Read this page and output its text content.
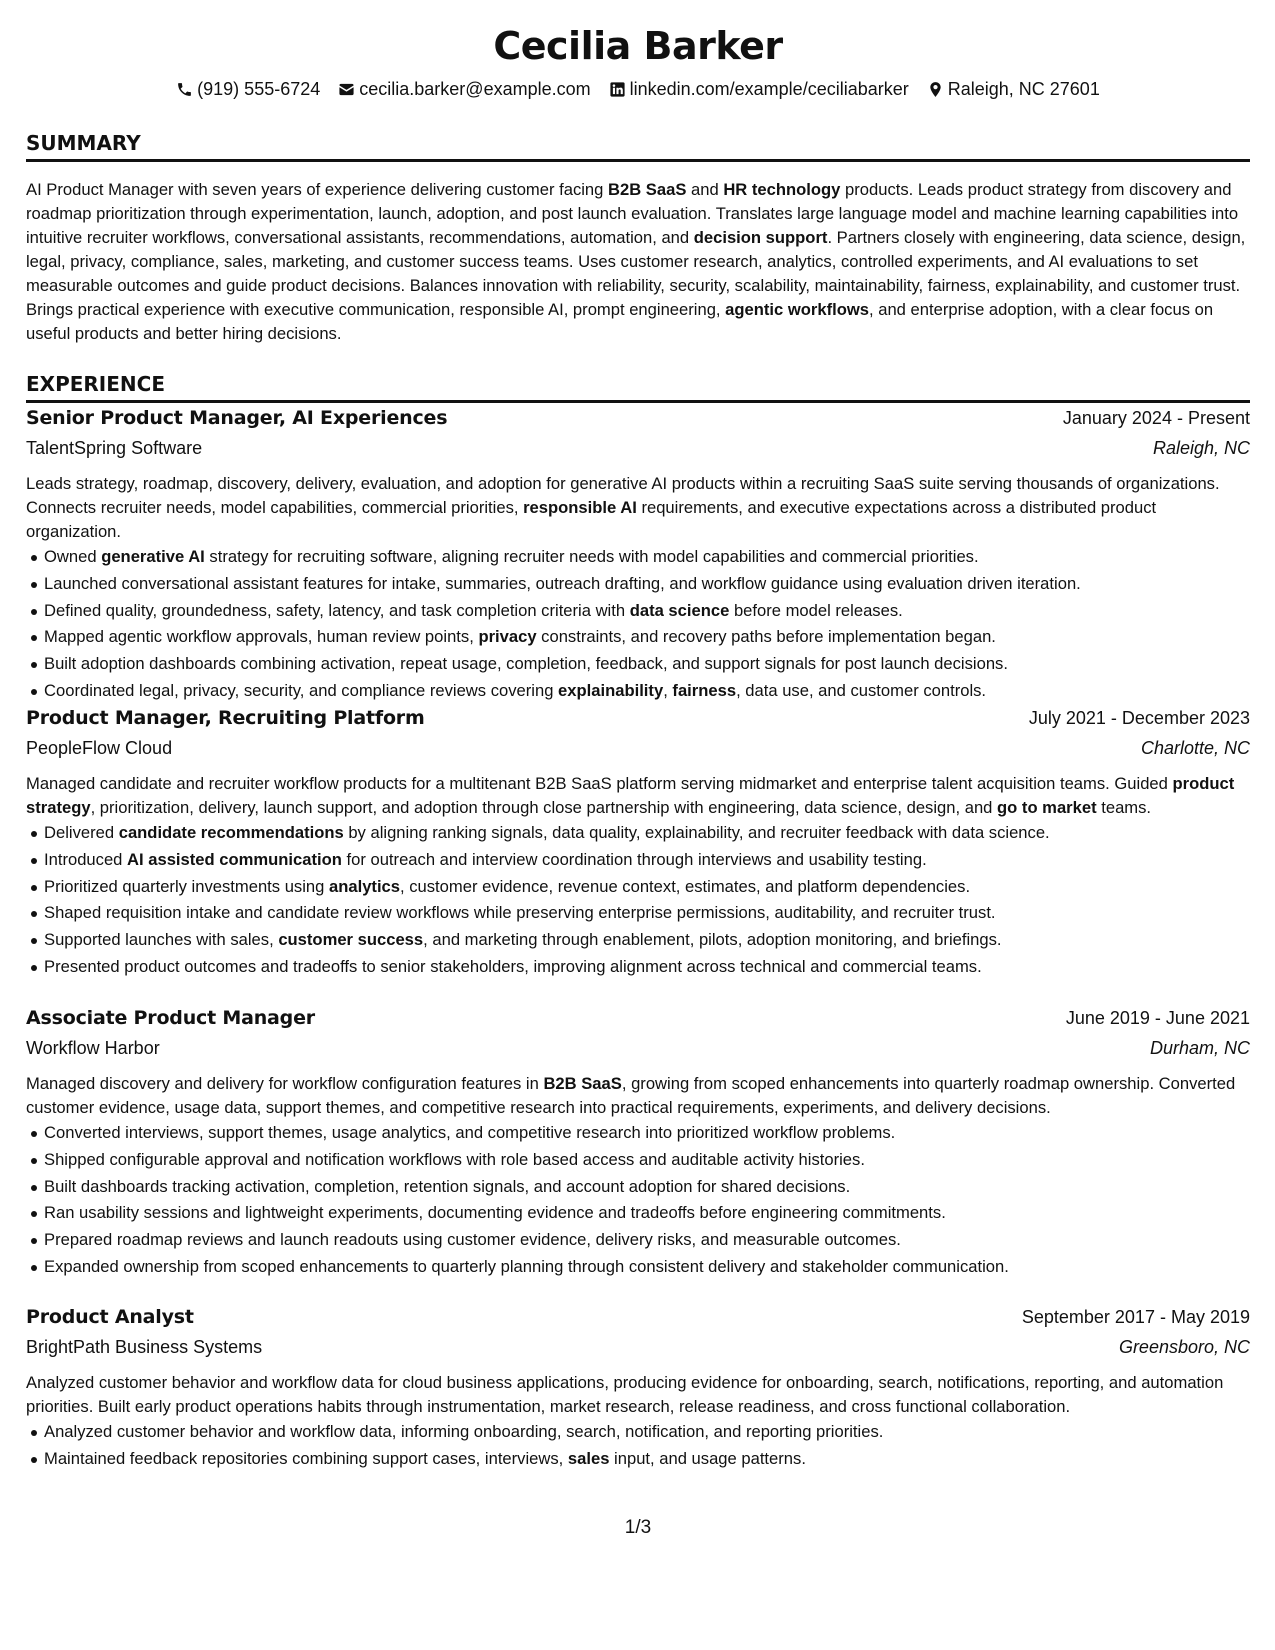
Cecilia Barker
(919) 555-6724 cecilia.barker@example.com linkedin.com/example/ceciliabarker Raleigh, NC 27601
SUMMARY

AI Product Manager with seven years of experience delivering customer facing B2B SaaS and HR technology products. Leads product strategy from discovery and roadmap prioritization through experimentation, launch, adoption, and post launch evaluation. Translates large language model and machine learning capabilities into intuitive recruiter workflows, conversational assistants, recommendations, automation, and decision support. Partners closely with engineering, data science, design, legal, privacy, compliance, sales, marketing, and customer success teams. Uses customer research, analytics, controlled experiments, and AI evaluations to set measurable outcomes and guide product decisions. Balances innovation with reliability, security, scalability, maintainability, fairness, explainability, and customer trust. Brings practical experience with executive communication, responsible AI, prompt engineering, agentic workflows, and enterprise adoption, with a clear focus on useful products and better hiring decisions.

EXPERIENCE
Senior Product Manager, AI Experiences	January 2024 - Present
TalentSpring Software	Raleigh, NC

Leads strategy, roadmap, discovery, delivery, evaluation, and adoption for generative AI products within a recruiting SaaS suite serving thousands of organizations. Connects recruiter needs, model capabilities, commercial priorities, responsible AI requirements, and executive expectations across a distributed product organization.

Owned generative AI strategy for recruiting software, aligning recruiter needs with model capabilities and commercial priorities.
Launched conversational assistant features for intake, summaries, outreach drafting, and workflow guidance using evaluation driven iteration.
Defined quality, groundedness, safety, latency, and task completion criteria with data science before model releases.
Mapped agentic workflow approvals, human review points, privacy constraints, and recovery paths before implementation began.
Built adoption dashboards combining activation, repeat usage, completion, feedback, and support signals for post launch decisions.
Coordinated legal, privacy, security, and compliance reviews covering explainability, fairness, data use, and customer controls.
Product Manager, Recruiting Platform	July 2021 - December 2023
PeopleFlow Cloud	Charlotte, NC

Managed candidate and recruiter workflow products for a multitenant B2B SaaS platform serving midmarket and enterprise talent acquisition teams. Guided product strategy, prioritization, delivery, launch support, and adoption through close partnership with engineering, data science, design, and go to market teams.

Delivered candidate recommendations by aligning ranking signals, data quality, explainability, and recruiter feedback with data science.
Introduced AI assisted communication for outreach and interview coordination through interviews and usability testing.
Prioritized quarterly investments using analytics, customer evidence, revenue context, estimates, and platform dependencies.
Shaped requisition intake and candidate review workflows while preserving enterprise permissions, auditability, and recruiter trust.
Supported launches with sales, customer success, and marketing through enablement, pilots, adoption monitoring, and briefings.
Presented product outcomes and tradeoffs to senior stakeholders, improving alignment across technical and commercial teams.
Associate Product Manager	June 2019 - June 2021
Workflow Harbor	Durham, NC

Managed discovery and delivery for workflow configuration features in B2B SaaS, growing from scoped enhancements into quarterly roadmap ownership. Converted customer evidence, usage data, support themes, and competitive research into practical requirements, experiments, and delivery decisions.

Converted interviews, support themes, usage analytics, and competitive research into prioritized workflow problems.
Shipped configurable approval and notification workflows with role based access and auditable activity histories.
Built dashboards tracking activation, completion, retention signals, and account adoption for shared decisions.
Ran usability sessions and lightweight experiments, documenting evidence and tradeoffs before engineering commitments.
Prepared roadmap reviews and launch readouts using customer evidence, delivery risks, and measurable outcomes.
Expanded ownership from scoped enhancements to quarterly planning through consistent delivery and stakeholder communication.
Product Analyst	September 2017 - May 2019
BrightPath Business Systems	Greensboro, NC

Analyzed customer behavior and workflow data for cloud business applications, producing evidence for onboarding, search, notifications, reporting, and automation priorities. Built early product operations habits through instrumentation, market research, release readiness, and cross functional collaboration.

Analyzed customer behavior and workflow data, informing onboarding, search, notification, and reporting priorities.
Maintained feedback repositories combining support cases, interviews, sales input, and usage patterns.
1/3
